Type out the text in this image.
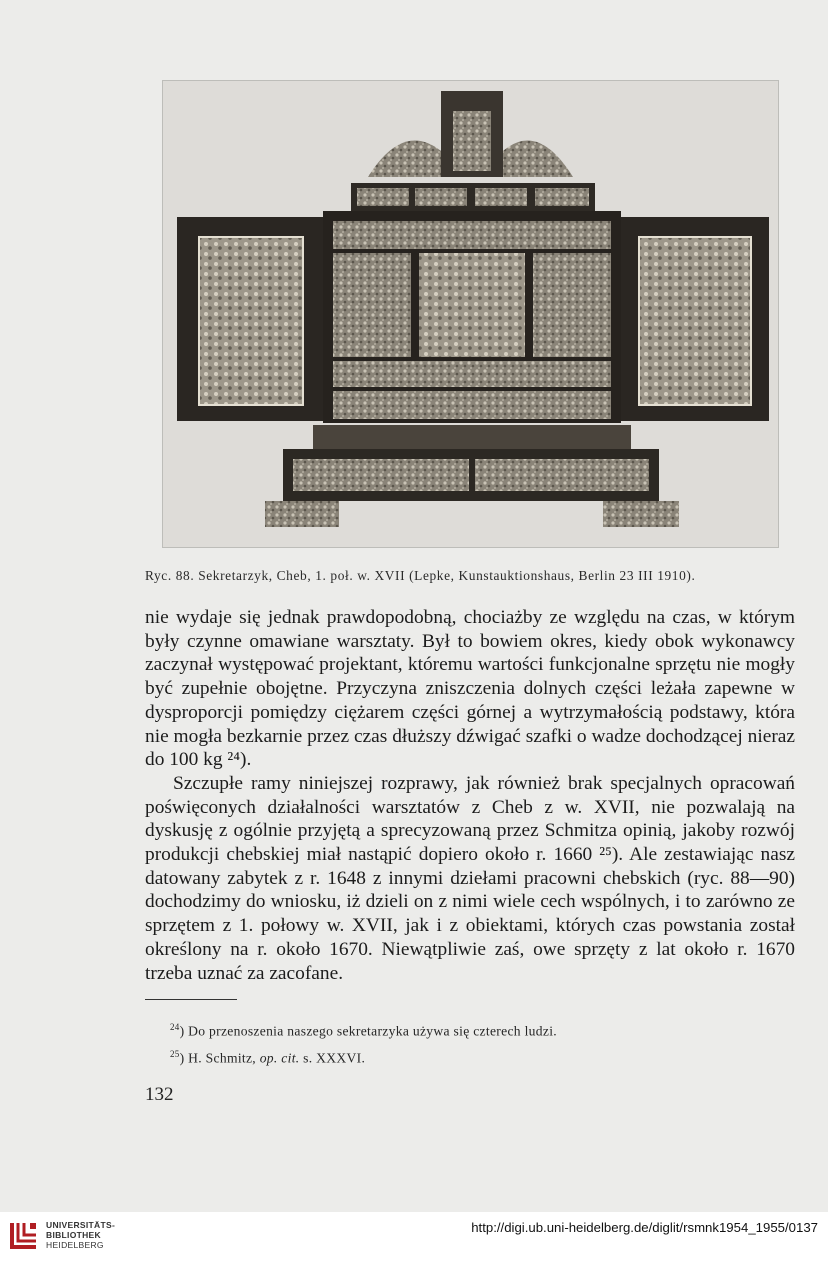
Ryc. 88. Sekretarzyk, Cheb, 1. poł. w. XVII (Lepke, Kunstauktionshaus, Berlin 23 III 1910).

nie wydaje się jednak prawdopodobną, chociażby ze względu na czas, w którym były czynne omawiane warsztaty. Był to bowiem okres, kiedy obok wykonawcy zaczynał występować projektant, któremu wartości funkcjonalne sprzętu nie mogły być zupełnie obojętne. Przyczyna zniszczenia dolnych części leżała zapewne w dysproporcji pomiędzy ciężarem części górnej a wytrzymałością podstawy, która nie mogła bezkarnie przez czas dłuższy dźwigać szafki o wadze dochodzącej nieraz do 100 kg ²⁴).

Szczupłe ramy niniejszej rozprawy, jak również brak specjalnych opracowań poświęconych działalności warsztatów z Cheb z w. XVII, nie pozwalają na dyskusję z ogólnie przyjętą a sprecyzowaną przez Schmitza opinią, jakoby rozwój produkcji chebskiej miał nastąpić dopiero około r. 1660 ²⁵). Ale zestawiając nasz datowany zabytek z r. 1648 z innymi dziełami pracowni chebskich (ryc. 88—90) dochodzimy do wniosku, iż dzieli on z nimi wiele cech wspólnych, i to zarówno ze sprzętem z 1. połowy w. XVII, jak i z obiektami, których czas powstania został określony na r. około 1670. Niewątpliwie zaś, owe sprzęty z lat około r. 1670 trzeba uznać za zacofane.

$^{24}$) Do przenoszenia naszego sekretarzyka używa się czterech ludzi.
$^{25}$) H. Schmitz, op. cit. s. XXXVI.
132
UNIVERSITÄTS-
BIBLIOTHEK
HEIDELBERG
http://digi.ub.uni-heidelberg.de/diglit/rsmnk1954_1955/0137
